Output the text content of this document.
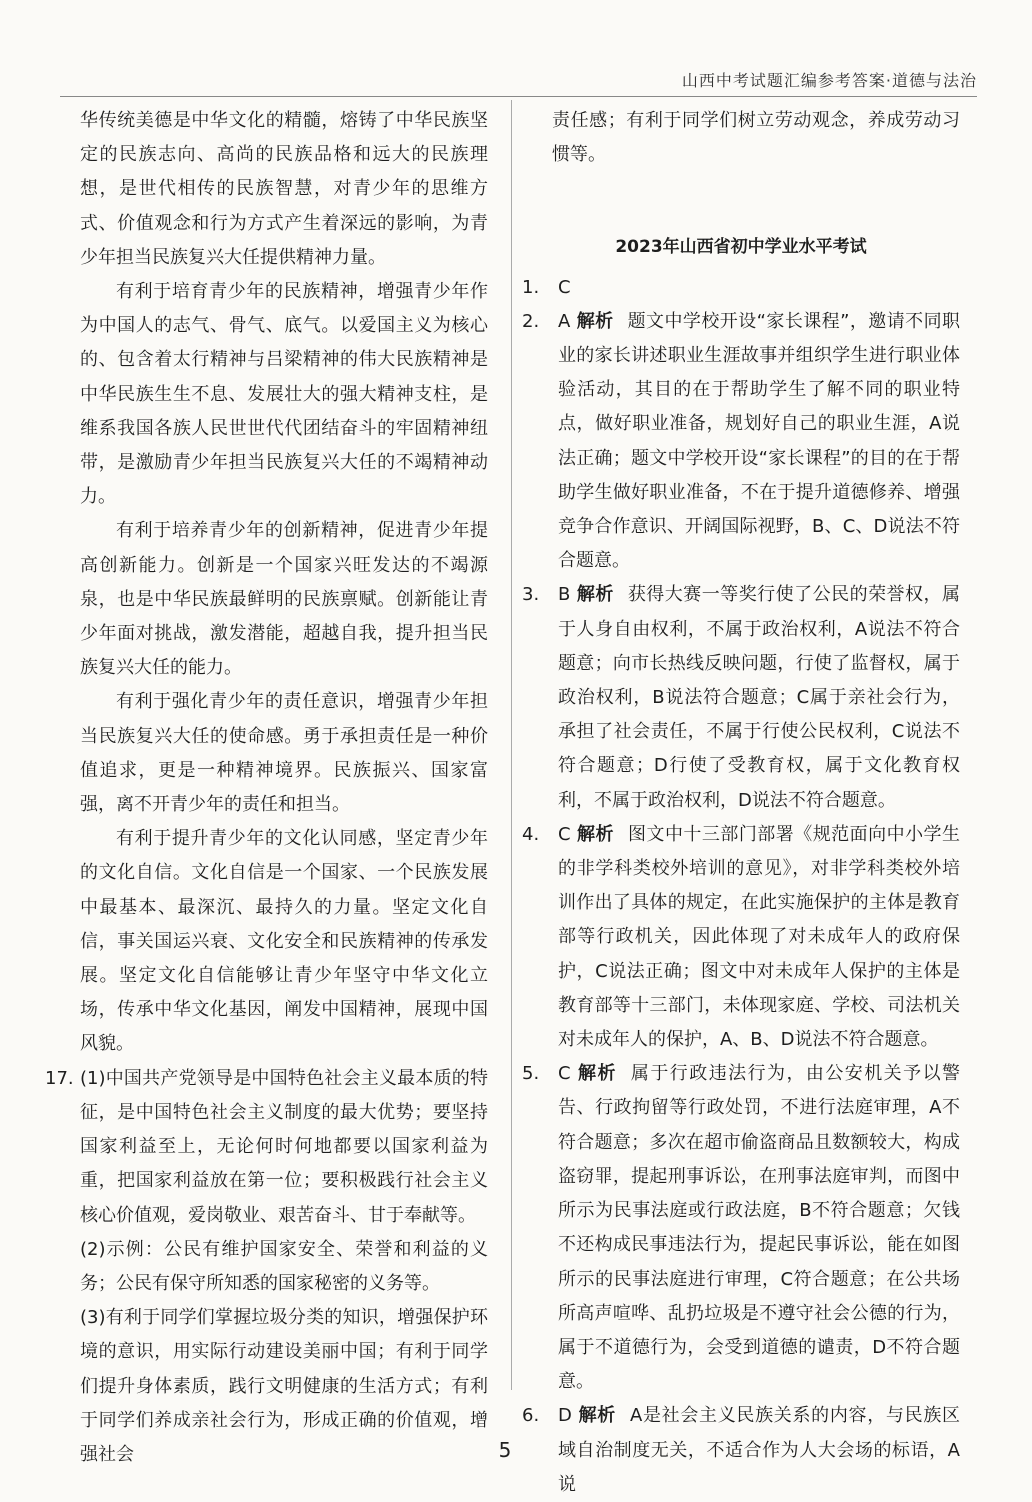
山西中考试题汇编参考答案·道德与法治

华传统美德是中华文化的精髓，熔铸了中华民族坚定的民族志向、高尚的民族品格和远大的民族理想，是世代相传的民族智慧，对青少年的思维方式、价值观念和行为方式产生着深远的影响，为青少年担当民族复兴大任提供精神力量。

有利于培育青少年的民族精神，增强青少年作为中国人的志气、骨气、底气。以爱国主义为核心的、包含着太行精神与吕梁精神的伟大民族精神是中华民族生生不息、发展壮大的强大精神支柱，是维系我国各族人民世世代代团结奋斗的牢固精神纽带，是激励青少年担当民族复兴大任的不竭精神动力。

有利于培养青少年的创新精神，促进青少年提高创新能力。创新是一个国家兴旺发达的不竭源泉，也是中华民族最鲜明的民族禀赋。创新能让青少年面对挑战，激发潜能，超越自我，提升担当民族复兴大任的能力。

有利于强化青少年的责任意识，增强青少年担当民族复兴大任的使命感。勇于承担责任是一种价值追求，更是一种精神境界。民族振兴、国家富强，离不开青少年的责任和担当。

有利于提升青少年的文化认同感，坚定青少年的文化自信。文化自信是一个国家、一个民族发展中最基本、最深沉、最持久的力量。坚定文化自信，事关国运兴衰、文化安全和民族精神的传承发展。坚定文化自信能够让青少年坚守中华文化立场，传承中华文化基因，阐发中国精神，展现中国风貌。

17. (1)中国共产党领导是中国特色社会主义最本质的特征，是中国特色社会主义制度的最大优势；要坚持国家利益至上，无论何时何地都要以国家利益为重，把国家利益放在第一位；要积极践行社会主义核心价值观，爱岗敬业、艰苦奋斗、甘于奉献等。

(2)示例：公民有维护国家安全、荣誉和利益的义务；公民有保守所知悉的国家秘密的义务等。

(3)有利于同学们掌握垃圾分类的知识，增强保护环境的意识，用实际行动建设美丽中国；有利于同学们提升身体素质，践行文明健康的生活方式；有利于同学们养成亲社会行为，形成正确的价值观，增强社会

责任感；有利于同学们树立劳动观念，养成劳动习惯等。

2023年山西省初中学业水平考试

1. C

2. A 解析 题文中学校开设“家长课程”，邀请不同职业的家长讲述职业生涯故事并组织学生进行职业体验活动，其目的在于帮助学生了解不同的职业特点，做好职业准备，规划好自己的职业生涯，A说法正确；题文中学校开设“家长课程”的目的在于帮助学生做好职业准备，不在于提升道德修养、增强竞争合作意识、开阔国际视野，B、C、D说法不符合题意。

3. B 解析 获得大赛一等奖行使了公民的荣誉权，属于人身自由权利，不属于政治权利，A说法不符合题意；向市长热线反映问题，行使了监督权，属于政治权利，B说法符合题意；C属于亲社会行为，承担了社会责任，不属于行使公民权利，C说法不符合题意；D行使了受教育权，属于文化教育权利，不属于政治权利，D说法不符合题意。

4. C 解析 图文中十三部门部署《规范面向中小学生的非学科类校外培训的意见》，对非学科类校外培训作出了具体的规定，在此实施保护的主体是教育部等行政机关，因此体现了对未成年人的政府保护，C说法正确；图文中对未成年人保护的主体是教育部等十三部门，未体现家庭、学校、司法机关对未成年人的保护，A、B、D说法不符合题意。

5. C 解析 属于行政违法行为，由公安机关予以警告、行政拘留等行政处罚，不进行法庭审理，A不符合题意；多次在超市偷盗商品且数额较大，构成盗窃罪，提起刑事诉讼，在刑事法庭审判，而图中所示为民事法庭或行政法庭，B不符合题意；欠钱不还构成民事违法行为，提起民事诉讼，能在如图所示的民事法庭进行审理，C符合题意；在公共场所高声喧哗、乱扔垃圾是不遵守社会公德的行为，属于不道德行为，会受到道德的谴责，D不符合题意。

6. D 解析 A是社会主义民族关系的内容，与民族区域自治制度无关，不适合作为人大会场的标语，A说

5
